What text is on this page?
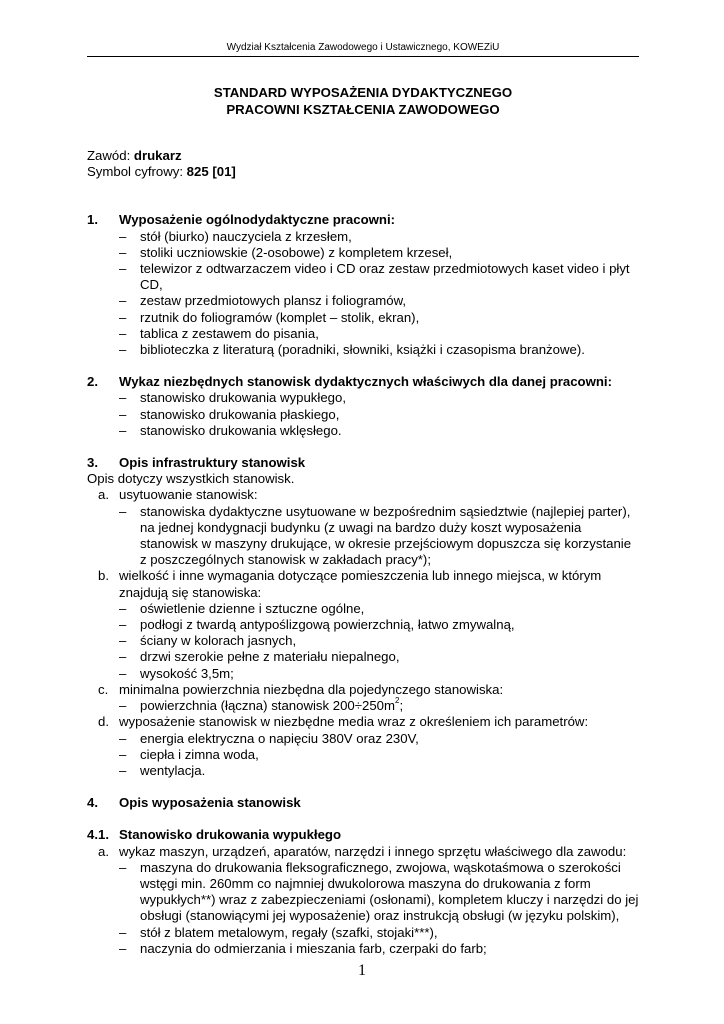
Wydział Kształcenia Zawodowego i Ustawicznego, KOWEZiU
STANDARD WYPOSAŻENIA DYDAKTYCZNEGO
PRACOWNI KSZTAŁCENIA ZAWODOWEGO
Zawód: drukarz
Symbol cyfrowy: 825 [01]
1. Wyposażenie ogólnodydaktyczne pracowni:
– stół (biurko) nauczyciela z krzesłem,
– stoliki uczniowskie (2-osobowe) z kompletem krzeseł,
– telewizor z odtwarzaczem video i CD oraz zestaw przedmiotowych kaset video i płyt CD,
– zestaw przedmiotowych plansz i foliogramów,
– rzutnik do foliogramów (komplet – stolik, ekran),
– tablica z zestawem do pisania,
– biblioteczka z literaturą (poradniki, słowniki, książki i czasopisma branżowe).
2. Wykaz niezbędnych stanowisk dydaktycznych właściwych dla danej pracowni:
– stanowisko drukowania wypukłego,
– stanowisko drukowania płaskiego,
– stanowisko drukowania wklęsłego.
3. Opis infrastruktury stanowisk
Opis dotyczy wszystkich stanowisk.
a. usytuowanie stanowisk:
– stanowiska dydaktyczne usytuowane w bezpośrednim sąsiedztwie (najlepiej parter), na jednej kondygnacji budynku (z uwagi na bardzo duży koszt wyposażenia stanowisk w maszyny drukujące, w okresie przejściowym dopuszcza się korzystanie z poszczególnych stanowisk w zakładach pracy*);
b. wielkość i inne wymagania dotyczące pomieszczenia lub innego miejsca, w którym znajdują się stanowiska:
– oświetlenie dzienne i sztuczne ogólne,
– podłogi z twardą antypoślizgową powierzchnią, łatwo zmywalną,
– ściany w kolorach jasnych,
– drzwi szerokie pełne z materiału niepalnego,
– wysokość 3,5m;
c. minimalna powierzchnia niezbędna dla pojedynczego stanowiska:
– powierzchnia (łączna) stanowisk $200\div 250m^2$;
d. wyposażenie stanowisk w niezbędne media wraz z określeniem ich parametrów:
– energia elektryczna o napięciu 380V oraz 230V,
– ciepła i zimna woda,
– wentylacja.
4. Opis wyposażenia stanowisk
4.1. Stanowisko drukowania wypukłego
a. wykaz maszyn, urządzeń, aparatów, narzędzi i innego sprzętu właściwego dla zawodu:
– maszyna do drukowania fleksograficznego, zwojowa, wąskotaśmowa o szerokości wstęgi min. 260mm co najmniej dwukolorowa maszyna do drukowania z form wypukłych**) wraz z zabezpieczeniami (osłonami), kompletem kluczy i narzędzi do jej obsługi (stanowiącymi jej wyposażenie) oraz instrukcją obsługi (w języku polskim),
– stół z blatem metalowym, regały (szafki, stojaki***),
– naczynia do odmierzania i mieszania farb, czerpaki do farb;
1
